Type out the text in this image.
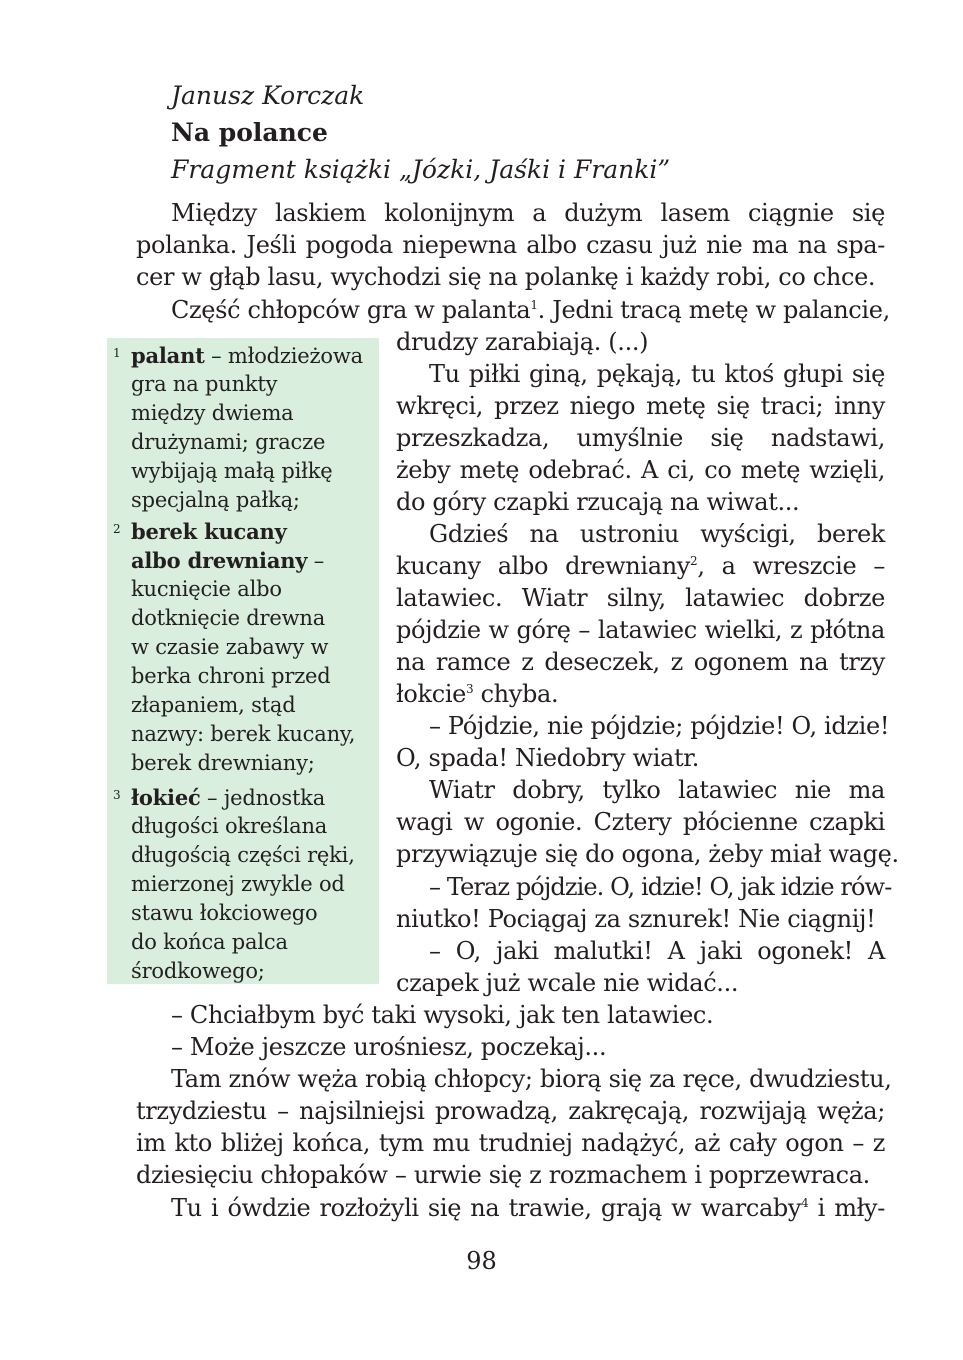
Janusz Korczak
Na polance
Fragment książki „Józki, Jaśki i Franki”
Między laskiem kolonijnym a dużym lasem ciągnie się
polanka. Jeśli pogoda niepewna albo czasu już nie ma na spa-
cer w głąb lasu, wychodzi się na polankę i każdy robi, co chce.
Część chłopców gra w palanta$^1$. Jedni tracą metę w palancie,
drudzy zarabiają. (...)
Tu piłki giną, pękają, tu ktoś głupi się
wkręci, przez niego metę się traci; inny
przeszkadza, umyślnie się nadstawi,
żeby metę odebrać. A ci, co metę wzięli,
do góry czapki rzucają na wiwat...
Gdzieś na ustroniu wyścigi, berek
kucany albo drewniany$^2$, a wreszcie –
latawiec. Wiatr silny, latawiec dobrze
pójdzie w górę – latawiec wielki, z płótna
na ramce z deseczek, z ogonem na trzy
łokcie$^3$ chyba.
– Pójdzie, nie pójdzie; pójdzie! O, idzie!
O, spada! Niedobry wiatr.
Wiatr dobry, tylko latawiec nie ma
wagi w ogonie. Cztery płócienne czapki
przywiązuje się do ogona, żeby miał wagę.
– Teraz pójdzie. O, idzie! O, jak idzie rów-
niutko! Pociągaj za sznurek! Nie ciągnij!
– O, jaki malutki! A jaki ogonek! A
czapek już wcale nie widać...
– Chciałbym być taki wysoki, jak ten latawiec.
– Może jeszcze urośniesz, poczekaj...
Tam znów węża robią chłopcy; biorą się za ręce, dwudziestu,
trzydziestu – najsilniejsi prowadzą, zakręcają, rozwijają węża;
im kto bliżej końca, tym mu trudniej nadążyć, aż cały ogon – z
dziesięciu chłopaków – urwie się z rozmachem i poprzewraca.
Tu i ówdzie rozłożyli się na trawie, grają w warcaby$^4$ i mły-
1 palant – młodzieżowa
gra na punkty
między dwiema
drużynami; gracze
wybijają małą piłkę
specjalną pałką;
2 berek kucany
albo drewniany –
kucnięcie albo
dotknięcie drewna
w czasie zabawy w
berka chroni przed
złapaniem, stąd
nazwy: berek kucany,
berek drewniany;
3 łokieć – jednostka
długości określana
długością części ręki,
mierzonej zwykle od
stawu łokciowego
do końca palca
środkowego;
98
